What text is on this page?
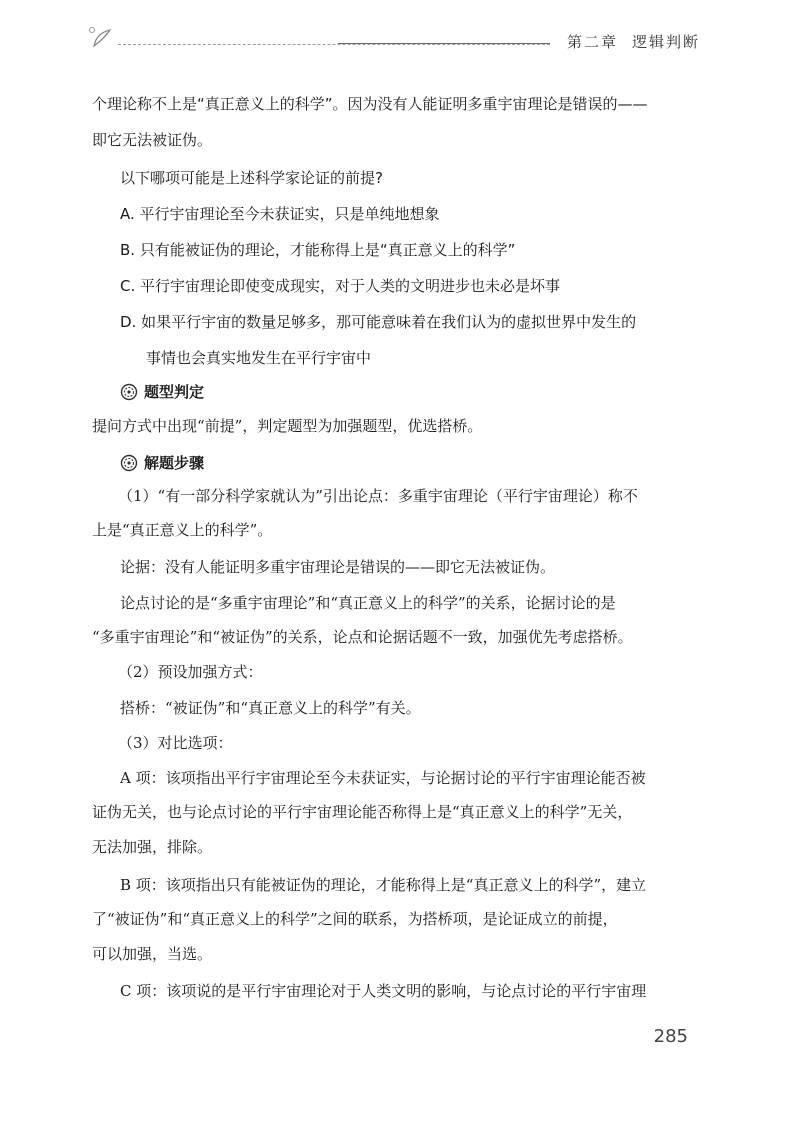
第二章 逻辑判断
个理论称不上是“真正意义上的科学”。因为没有人能证明多重宇宙理论是错误的——
即它无法被证伪。
以下哪项可能是上述科学家论证的前提?
A. 平行宇宙理论至今未获证实，只是单纯地想象
B. 只有能被证伪的理论，才能称得上是“真正意义上的科学”
C. 平行宇宙理论即使变成现实，对于人类的文明进步也未必是坏事
D. 如果平行宇宙的数量足够多，那可能意味着在我们认为的虚拟世界中发生的
事情也会真实地发生在平行宇宙中
题型判定
提问方式中出现“前提”，判定题型为加强题型，优选搭桥。
解题步骤
（1）“有一部分科学家就认为”引出论点：多重宇宙理论（平行宇宙理论）称不
上是“真正意义上的科学”。
论据：没有人能证明多重宇宙理论是错误的——即它无法被证伪。
论点讨论的是“多重宇宙理论”和“真正意义上的科学”的关系，论据讨论的是
“多重宇宙理论”和“被证伪”的关系，论点和论据话题不一致，加强优先考虑搭桥。
（2）预设加强方式：
搭桥：“被证伪”和“真正意义上的科学”有关。
（3）对比选项：
A 项：该项指出平行宇宙理论至今未获证实，与论据讨论的平行宇宙理论能否被
证伪无关，也与论点讨论的平行宇宙理论能否称得上是“真正意义上的科学”无关，
无法加强，排除。
B 项：该项指出只有能被证伪的理论，才能称得上是“真正意义上的科学”，建立
了“被证伪”和“真正意义上的科学”之间的联系，为搭桥项，是论证成立的前提，
可以加强，当选。
C 项：该项说的是平行宇宙理论对于人类文明的影响，与论点讨论的平行宇宙理
285
